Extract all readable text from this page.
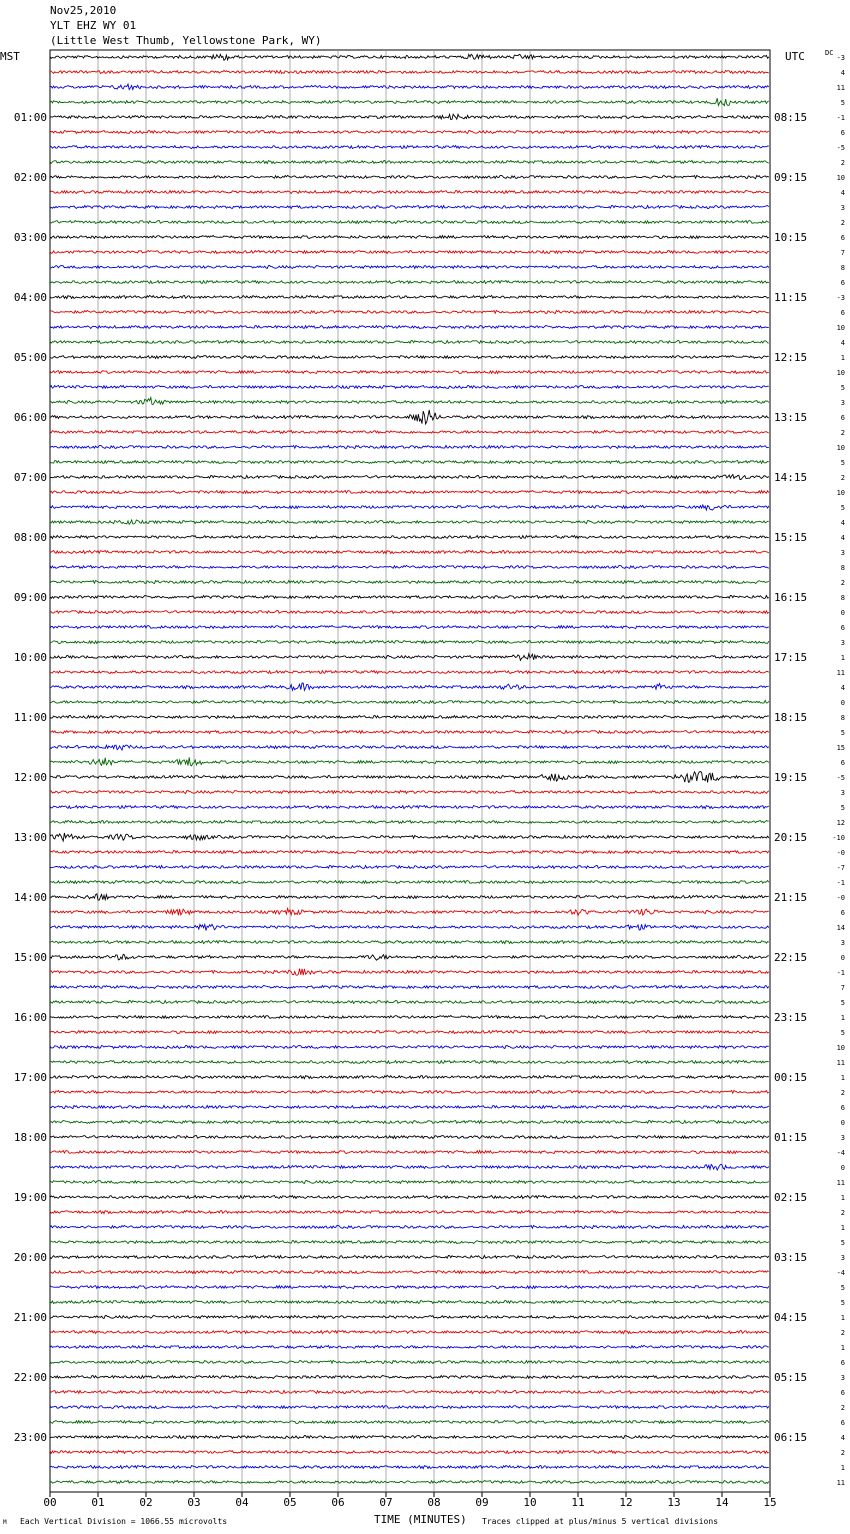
Nov25,2010
YLT EHZ WY 01
(Little West Thumb, Yellowstone Park, WY)
MST	UTC	DC
01:00
02:00
03:00
04:00
05:00
06:00
07:00
08:00
09:00
10:00
11:00
12:00
13:00
14:00
15:00
16:00
17:00
18:00
19:00
20:00
21:00
22:00
23:00
08:15
09:15
10:15
11:15
12:15
13:15
14:15
15:15
16:15
17:15
18:15
19:15
20:15
21:15
22:15
23:15
00:15
01:15
02:15
03:15
04:15
05:15
06:15
-3
4
11
5
-1
6
-5
2
10
4
3
2
6
7
8
6
-3
6
10
4
1
10
5
3
6
2
10
5
2
10
5
4
4
3
8
2
8
0
6
3
1
11
4
0
8
5
15
6
-5
3
5
12
-10
-0
-7
-1
-0
6
14
3
0
-1
7
5
1
5
10
11
1
2
6
0
3
-4
0
11
1
2
1
5
3
-4
5
5
1
2
1
6
3
6
2
6
4
2
1
11
00	01	02	03	04	05	06	07	08	09	10	11	12	13	14	15
TIME (MINUTES)
Each Vertical Division = 1066.55 microvolts	Traces clipped at plus/minus 5 vertical divisions
M
